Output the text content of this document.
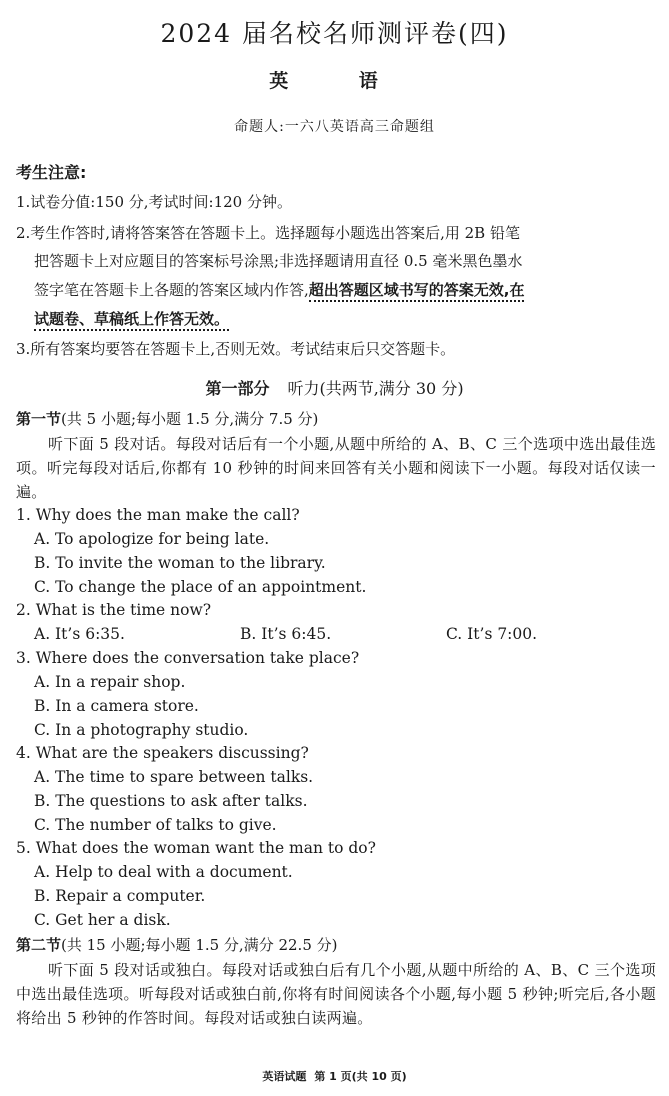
2024 届名校名师测评卷(四)
英 语
命题人:一六八英语高三命题组
考生注意:
1.试卷分值:150 分,考试时间:120 分钟。
2.考生作答时,请将答案答在答题卡上。选择题每小题选出答案后,用 2B 铅笔
把答题卡上对应题目的答案标号涂黑;非选择题请用直径 0.5 毫米黑色墨水
签字笔在答题卡上各题的答案区域内作答,超出答题区域书写的答案无效,在
试题卷、草稿纸上作答无效。
3.所有答案均要答在答题卡上,否则无效。考试结束后只交答题卡。
第一部分 听力(共两节,满分 30 分)
第一节(共 5 小题;每小题 1.5 分,满分 7.5 分)
听下面 5 段对话。每段对话后有一个小题,从题中所给的 A、B、C 三个选项中选出最佳选项。听完每段对话后,你都有 10 秒钟的时间来回答有关小题和阅读下一小题。每段对话仅读一遍。
1. Why does the man make the call?
A. To apologize for being late.
B. To invite the woman to the library.
C. To change the place of an appointment.
2. What is the time now?
A. It’s 6:35.	B. It’s 6:45.	C. It’s 7:00.
3. Where does the conversation take place?
A. In a repair shop.
B. In a camera store.
C. In a photography studio.
4. What are the speakers discussing?
A. The time to spare between talks.
B. The questions to ask after talks.
C. The number of talks to give.
5. What does the woman want the man to do?
A. Help to deal with a document.
B. Repair a computer.
C. Get her a disk.
第二节(共 15 小题;每小题 1.5 分,满分 22.5 分)
听下面 5 段对话或独白。每段对话或独白后有几个小题,从题中所给的 A、B、C 三个选项中选出最佳选项。听每段对话或独白前,你将有时间阅读各个小题,每小题 5 秒钟;听完后,各小题将给出 5 秒钟的作答时间。每段对话或独白读两遍。
英语试题 第 1 页(共 10 页)
